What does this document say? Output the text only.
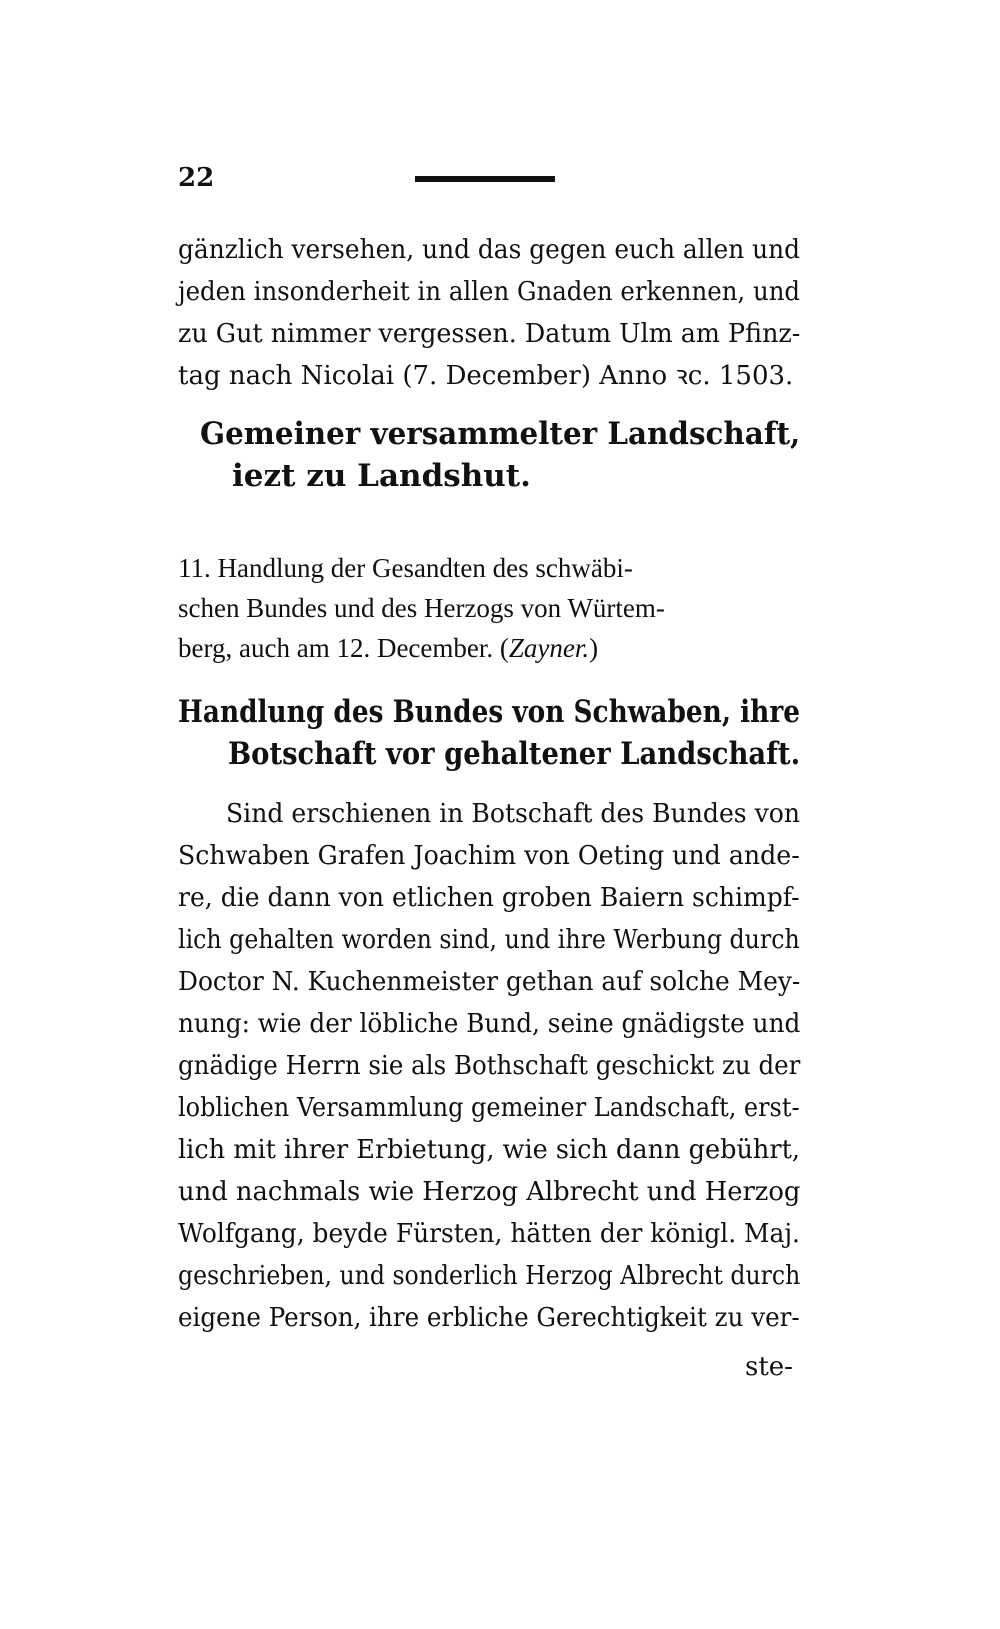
22
gänzlich versehen, und das gegen euch allen und
jeden insonderheit in allen Gnaden erkennen, und
zu Gut nimmer vergessen. Datum Ulm am Pfinz-
tag nach Nicolai (7. December) Anno ꝛc. 1503.
Gemeiner versammelter Landschaft,
iezt zu Landshut.
11. Handlung der Gesandten des schwäbi-
schen Bundes und des Herzogs von Würtem-
berg, auch am 12. December. (Zayner.)
Handlung des Bundes von Schwaben, ihre
Botschaft vor gehaltener Landschaft.
Sind erschienen in Botschaft des Bundes von
Schwaben Grafen Joachim von Oeting und ande-
re, die dann von etlichen groben Baiern schimpf-
lich gehalten worden sind, und ihre Werbung durch
Doctor N. Kuchenmeister gethan auf solche Mey-
nung: wie der löbliche Bund, seine gnädigste und
gnädige Herrn sie als Bothschaft geschickt zu der
loblichen Versammlung gemeiner Landschaft, erst-
lich mit ihrer Erbietung, wie sich dann gebührt,
und nachmals wie Herzog Albrecht und Herzog
Wolfgang, beyde Fürsten, hätten der königl. Maj.
geschrieben, und sonderlich Herzog Albrecht durch
eigene Person, ihre erbliche Gerechtigkeit zu ver-
ste-
